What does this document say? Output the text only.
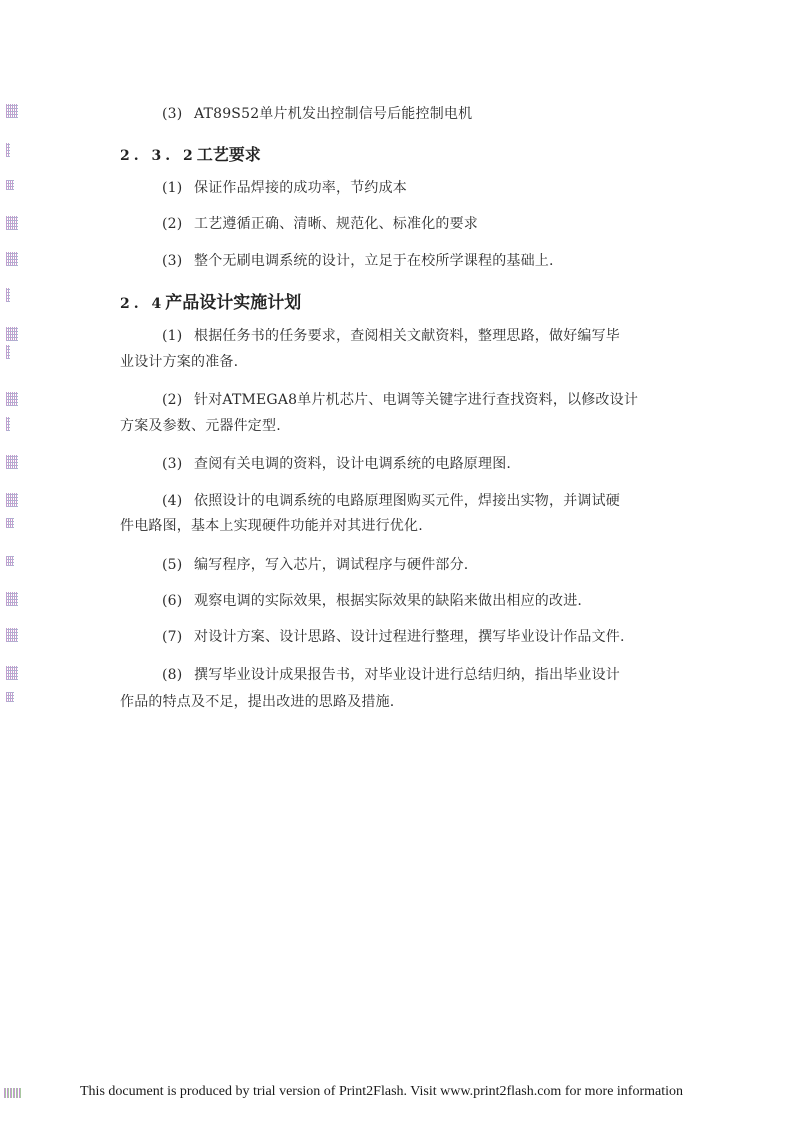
(3) AT89S52单片机发出控制信号后能控制电机
2. 3. 2工艺要求
(1) 保证作品焊接的成功率，节约成本
(2) 工艺遵循正确、清晰、规范化、标准化的要求
(3) 整个无刷电调系统的设计，立足于在校所学课程的基础上.
2. 4产品设计实施计划
(1) 根据任务书的任务要求，查阅相关文献资料，整理思路，做好编写毕
业设计方案的准备.
(2) 针对ATMEGA8单片机芯片、电调等关键字进行查找资料，以修改设计
方案及参数、元器件定型.
(3) 查阅有关电调的资料，设计电调系统的电路原理图.
(4) 依照设计的电调系统的电路原理图购买元件，焊接出实物，并调试硬
件电路图，基本上实现硬件功能并对其进行优化.
(5) 编写程序，写入芯片，调试程序与硬件部分.
(6) 观察电调的实际效果，根据实际效果的缺陷来做出相应的改进.
(7) 对设计方案、设计思路、设计过程进行整理，撰写毕业设计作品文件.
(8) 撰写毕业设计成果报告书，对毕业设计进行总结归纳，指出毕业设计
作品的特点及不足，提出改进的思路及措施.
This document is produced by trial version of Print2Flash. Visit www.print2flash.com for more information
